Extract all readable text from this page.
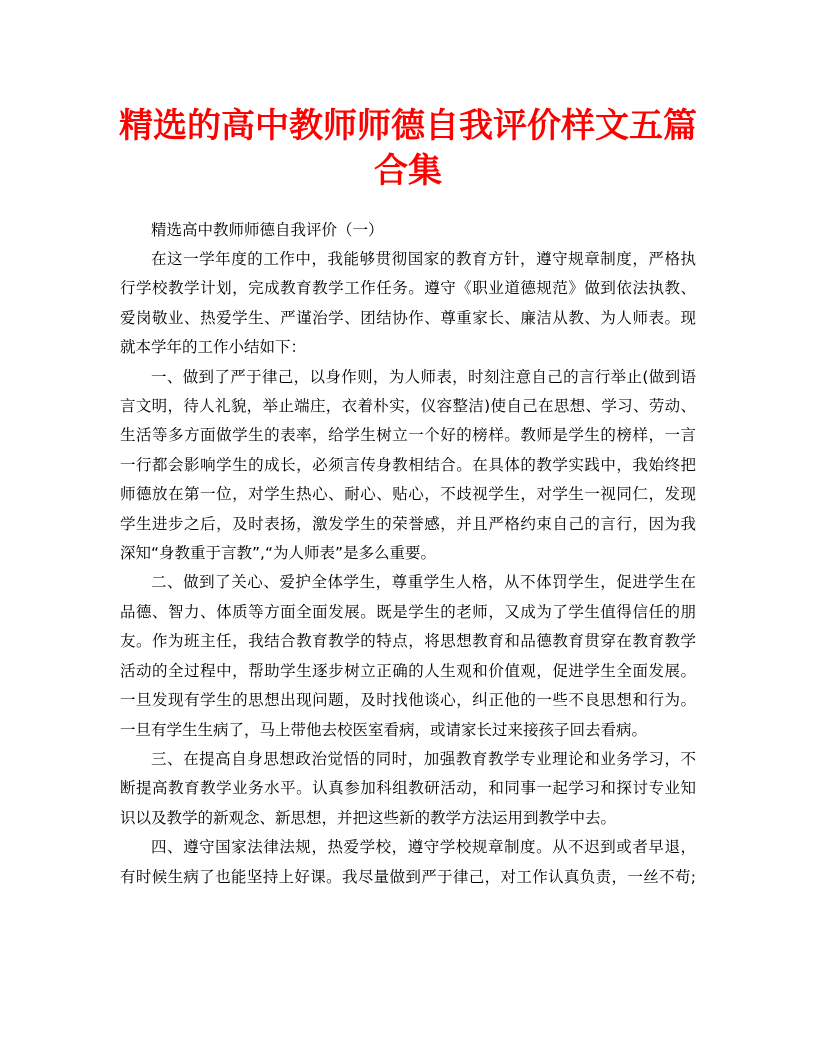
精选的高中教师师德自我评价样文五篇
合集

精选高中教师师德自我评价（一）

在这一学年度的工作中，我能够贯彻国家的教育方针，遵守规章制度，严格执
行学校教学计划，完成教育教学工作任务。遵守《职业道德规范》做到依法执教、
爱岗敬业、热爱学生、严谨治学、团结协作、尊重家长、廉洁从教、为人师表。现
就本学年的工作小结如下：

一、做到了严于律己，以身作则，为人师表，时刻注意自己的言行举止(做到语
言文明，待人礼貌，举止端庄，衣着朴实，仪容整洁)使自己在思想、学习、劳动、
生活等多方面做学生的表率，给学生树立一个好的榜样。教师是学生的榜样，一言
一行都会影响学生的成长，必须言传身教相结合。在具体的教学实践中，我始终把
师德放在第一位，对学生热心、耐心、贴心，不歧视学生，对学生一视同仁，发现
学生进步之后，及时表扬，激发学生的荣誉感，并且严格约束自己的言行，因为我
深知“身教重于言教”,“为人师表”是多么重要。

二、做到了关心、爱护全体学生，尊重学生人格，从不体罚学生，促进学生在
品德、智力、体质等方面全面发展。既是学生的老师，又成为了学生值得信任的朋
友。作为班主任，我结合教育教学的特点，将思想教育和品德教育贯穿在教育教学
活动的全过程中，帮助学生逐步树立正确的人生观和价值观，促进学生全面发展。
一旦发现有学生的思想出现问题，及时找他谈心，纠正他的一些不良思想和行为。
一旦有学生生病了，马上带他去校医室看病，或请家长过来接孩子回去看病。

三、在提高自身思想政治觉悟的同时，加强教育教学专业理论和业务学习，不
断提高教育教学业务水平。认真参加科组教研活动，和同事一起学习和探讨专业知
识以及教学的新观念、新思想，并把这些新的教学方法运用到教学中去。

四、遵守国家法律法规，热爱学校，遵守学校规章制度。从不迟到或者早退，
有时候生病了也能坚持上好课。我尽量做到严于律己，对工作认真负责，一丝不苟;
